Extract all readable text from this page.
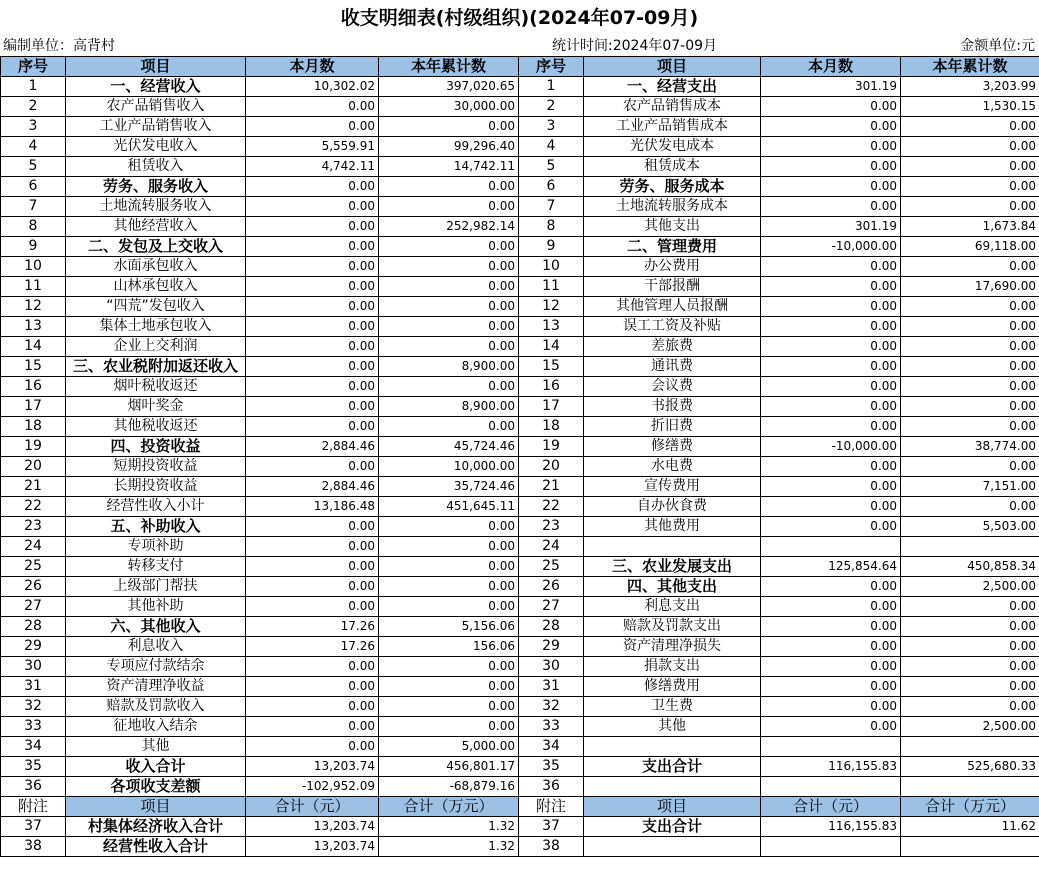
收支明细表(村级组织)(2024年07-09月)
编制单位：高背村	统计时间:2024年07-09月	金额单位:元
序号	项目	本月数	本年累计数	序号	项目	本月数	本年累计数
1	一、经营收入	10,302.02	397,020.65	1	一、经营支出	301.19	3,203.99
2	农产品销售收入	0.00	30,000.00	2	农产品销售成本	0.00	1,530.15
3	工业产品销售收入	0.00	0.00	3	工业产品销售成本	0.00	0.00
4	光伏发电收入	5,559.91	99,296.40	4	光伏发电成本	0.00	0.00
5	租赁收入	4,742.11	14,742.11	5	租赁成本	0.00	0.00
6	劳务、服务收入	0.00	0.00	6	劳务、服务成本	0.00	0.00
7	土地流转服务收入	0.00	0.00	7	土地流转服务成本	0.00	0.00
8	其他经营收入	0.00	252,982.14	8	其他支出	301.19	1,673.84
9	二、发包及上交收入	0.00	0.00	9	二、管理费用	-10,000.00	69,118.00
10	水面承包收入	0.00	0.00	10	办公费用	0.00	0.00
11	山林承包收入	0.00	0.00	11	干部报酬	0.00	17,690.00
12	“四荒”发包收入	0.00	0.00	12	其他管理人员报酬	0.00	0.00
13	集体土地承包收入	0.00	0.00	13	误工工资及补贴	0.00	0.00
14	企业上交利润	0.00	0.00	14	差旅费	0.00	0.00
15	三、农业税附加返还收入	0.00	8,900.00	15	通讯费	0.00	0.00
16	烟叶税收返还	0.00	0.00	16	会议费	0.00	0.00
17	烟叶奖金	0.00	8,900.00	17	书报费	0.00	0.00
18	其他税收返还	0.00	0.00	18	折旧费	0.00	0.00
19	四、投资收益	2,884.46	45,724.46	19	修缮费	-10,000.00	38,774.00
20	短期投资收益	0.00	10,000.00	20	水电费	0.00	0.00
21	长期投资收益	2,884.46	35,724.46	21	宣传费用	0.00	7,151.00
22	经营性收入小计	13,186.48	451,645.11	22	自办伙食费	0.00	0.00
23	五、补助收入	0.00	0.00	23	其他费用	0.00	5,503.00
24	专项补助	0.00	0.00	24			
25	转移支付	0.00	0.00	25	三、农业发展支出	125,854.64	450,858.34
26	上级部门帮扶	0.00	0.00	26	四、其他支出	0.00	2,500.00
27	其他补助	0.00	0.00	27	利息支出	0.00	0.00
28	六、其他收入	17.26	5,156.06	28	赔款及罚款支出	0.00	0.00
29	利息收入	17.26	156.06	29	资产清理净损失	0.00	0.00
30	专项应付款结余	0.00	0.00	30	捐款支出	0.00	0.00
31	资产清理净收益	0.00	0.00	31	修缮费用	0.00	0.00
32	赔款及罚款收入	0.00	0.00	32	卫生费	0.00	0.00
33	征地收入结余	0.00	0.00	33	其他	0.00	2,500.00
34	其他	0.00	5,000.00	34			
35	收入合计	13,203.74	456,801.17	35	支出合计	116,155.83	525,680.33
36	各项收支差额	-102,952.09	-68,879.16	36			
附注	项目	合计（元）	合计（万元）	附注	项目	合计（元）	合计（万元）
37	村集体经济收入合计	13,203.74	1.32	37	支出合计	116,155.83	11.62
38	经营性收入合计	13,203.74	1.32	38			
